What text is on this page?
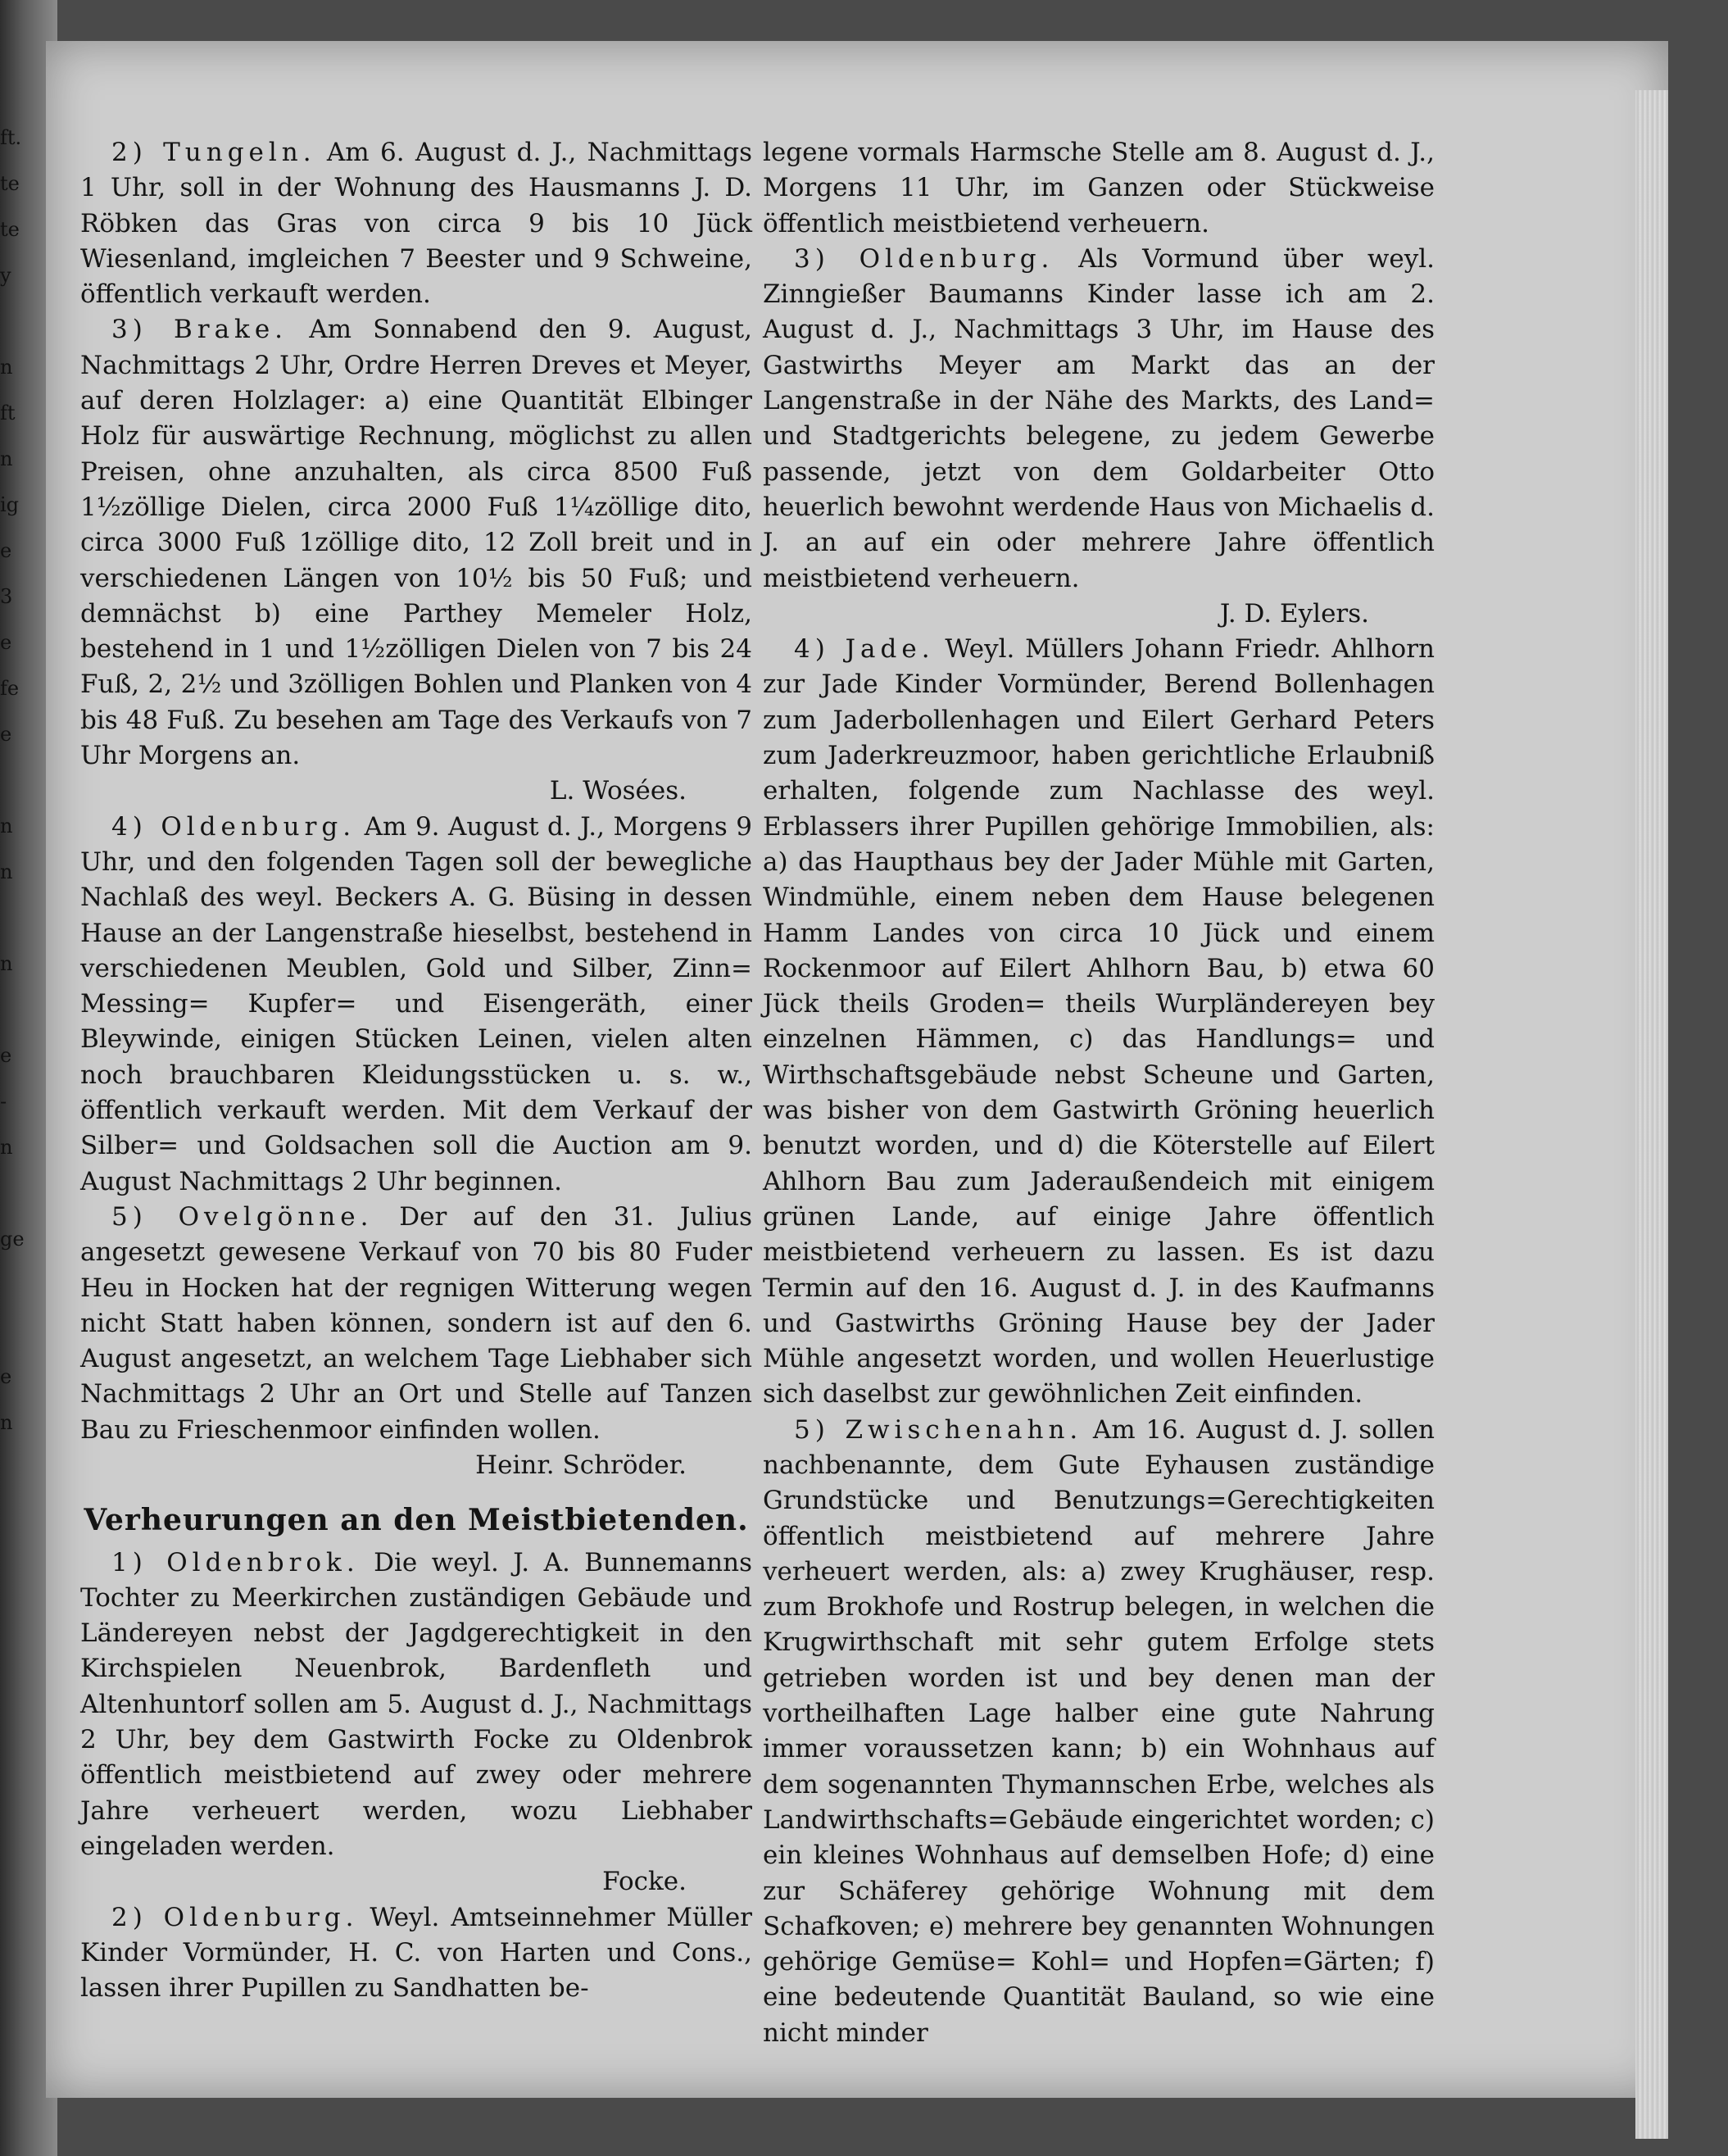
ft.
te
te
y

n
ft
n
ig
e
3
e
fe
e

n
n

n

e
-
n

ge

e
n

2) Tungeln. Am 6. August d. J., Nachmittags 1 Uhr, soll in der Wohnung des Hausmanns J. D. Röbken das Gras von circa 9 bis 10 Jück Wiesenland, imgleichen 7 Beester und 9 Schweine, öffentlich verkauft werden.

3) Brake. Am Sonnabend den 9. August, Nachmittags 2 Uhr, Ordre Herren Dreves et Meyer, auf deren Holzlager: a) eine Quantität Elbinger Holz für auswärtige Rechnung, möglichst zu allen Preisen, ohne anzuhalten, als circa 8500 Fuß 1½zöllige Dielen, circa 2000 Fuß 1¼zöllige dito, circa 3000 Fuß 1zöllige dito, 12 Zoll breit und in verschiedenen Längen von 10½ bis 50 Fuß; und demnächst b) eine Parthey Memeler Holz, bestehend in 1 und 1½zölligen Dielen von 7 bis 24 Fuß, 2, 2½ und 3zölligen Bohlen und Planken von 4 bis 48 Fuß. Zu besehen am Tage des Verkaufs von 7 Uhr Morgens an.

L. Wosées.

4) Oldenburg. Am 9. August d. J., Morgens 9 Uhr, und den folgenden Tagen soll der bewegliche Nachlaß des weyl. Beckers A. G. Büsing in dessen Hause an der Langenstraße hieselbst, bestehend in verschiedenen Meublen, Gold und Silber, Zinn= Messing= Kupfer= und Eisengeräth, einer Bleywinde, einigen Stücken Leinen, vielen alten noch brauchbaren Kleidungsstücken u. s. w., öffentlich verkauft werden. Mit dem Verkauf der Silber= und Goldsachen soll die Auction am 9. August Nachmittags 2 Uhr beginnen.

5) Ovelgönne. Der auf den 31. Julius angesetzt gewesene Verkauf von 70 bis 80 Fuder Heu in Hocken hat der regnigen Witterung wegen nicht Statt haben können, sondern ist auf den 6. August angesetzt, an welchem Tage Liebhaber sich Nachmittags 2 Uhr an Ort und Stelle auf Tanzen Bau zu Frieschenmoor einfinden wollen.

Heinr. Schröder.

Verheurungen an den Meistbietenden.

1) Oldenbrok. Die weyl. J. A. Bunnemanns Tochter zu Meerkirchen zuständigen Gebäude und Ländereyen nebst der Jagdgerechtigkeit in den Kirchspielen Neuenbrok, Bardenfleth und Altenhuntorf sollen am 5. August d. J., Nachmittags 2 Uhr, bey dem Gastwirth Focke zu Oldenbrok öffentlich meistbietend auf zwey oder mehrere Jahre verheuert werden, wozu Liebhaber eingeladen werden.

Focke.

2) Oldenburg. Weyl. Amtseinnehmer Müller Kinder Vormünder, H. C. von Harten und Cons., lassen ihrer Pupillen zu Sandhatten be-

legene vormals Harmsche Stelle am 8. August d. J., Morgens 11 Uhr, im Ganzen oder Stückweise öffentlich meistbietend verheuern.

3) Oldenburg. Als Vormund über weyl. Zinngießer Baumanns Kinder lasse ich am 2. August d. J., Nachmittags 3 Uhr, im Hause des Gastwirths Meyer am Markt das an der Langenstraße in der Nähe des Markts, des Land= und Stadtgerichts belegene, zu jedem Gewerbe passende, jetzt von dem Goldarbeiter Otto heuerlich bewohnt werdende Haus von Michaelis d. J. an auf ein oder mehrere Jahre öffentlich meistbietend verheuern.

J. D. Eylers.

4) Jade. Weyl. Müllers Johann Friedr. Ahlhorn zur Jade Kinder Vormünder, Berend Bollenhagen zum Jaderbollenhagen und Eilert Gerhard Peters zum Jaderkreuzmoor, haben gerichtliche Erlaubniß erhalten, folgende zum Nachlasse des weyl. Erblassers ihrer Pupillen gehörige Immobilien, als: a) das Haupthaus bey der Jader Mühle mit Garten, Windmühle, einem neben dem Hause belegenen Hamm Landes von circa 10 Jück und einem Rockenmoor auf Eilert Ahlhorn Bau, b) etwa 60 Jück theils Groden= theils Wurpländereyen bey einzelnen Hämmen, c) das Handlungs= und Wirthschaftsgebäude nebst Scheune und Garten, was bisher von dem Gastwirth Gröning heuerlich benutzt worden, und d) die Köterstelle auf Eilert Ahlhorn Bau zum Jaderaußendeich mit einigem grünen Lande, auf einige Jahre öffentlich meistbietend verheuern zu lassen. Es ist dazu Termin auf den 16. August d. J. in des Kaufmanns und Gastwirths Gröning Hause bey der Jader Mühle angesetzt worden, und wollen Heuerlustige sich daselbst zur gewöhnlichen Zeit einfinden.

5) Zwischenahn. Am 16. August d. J. sollen nachbenannte, dem Gute Eyhausen zuständige Grundstücke und Benutzungs=Gerechtigkeiten öffentlich meistbietend auf mehrere Jahre verheuert werden, als: a) zwey Krughäuser, resp. zum Brokhofe und Rostrup belegen, in welchen die Krugwirthschaft mit sehr gutem Erfolge stets getrieben worden ist und bey denen man der vortheilhaften Lage halber eine gute Nahrung immer voraussetzen kann; b) ein Wohnhaus auf dem sogenannten Thymannschen Erbe, welches als Landwirthschafts=Gebäude eingerichtet worden; c) ein kleines Wohnhaus auf demselben Hofe; d) eine zur Schäferey gehörige Wohnung mit dem Schafkoven; e) mehrere bey genannten Wohnungen gehörige Gemüse= Kohl= und Hopfen=Gärten; f) eine bedeutende Quantität Bauland, so wie eine nicht minder
